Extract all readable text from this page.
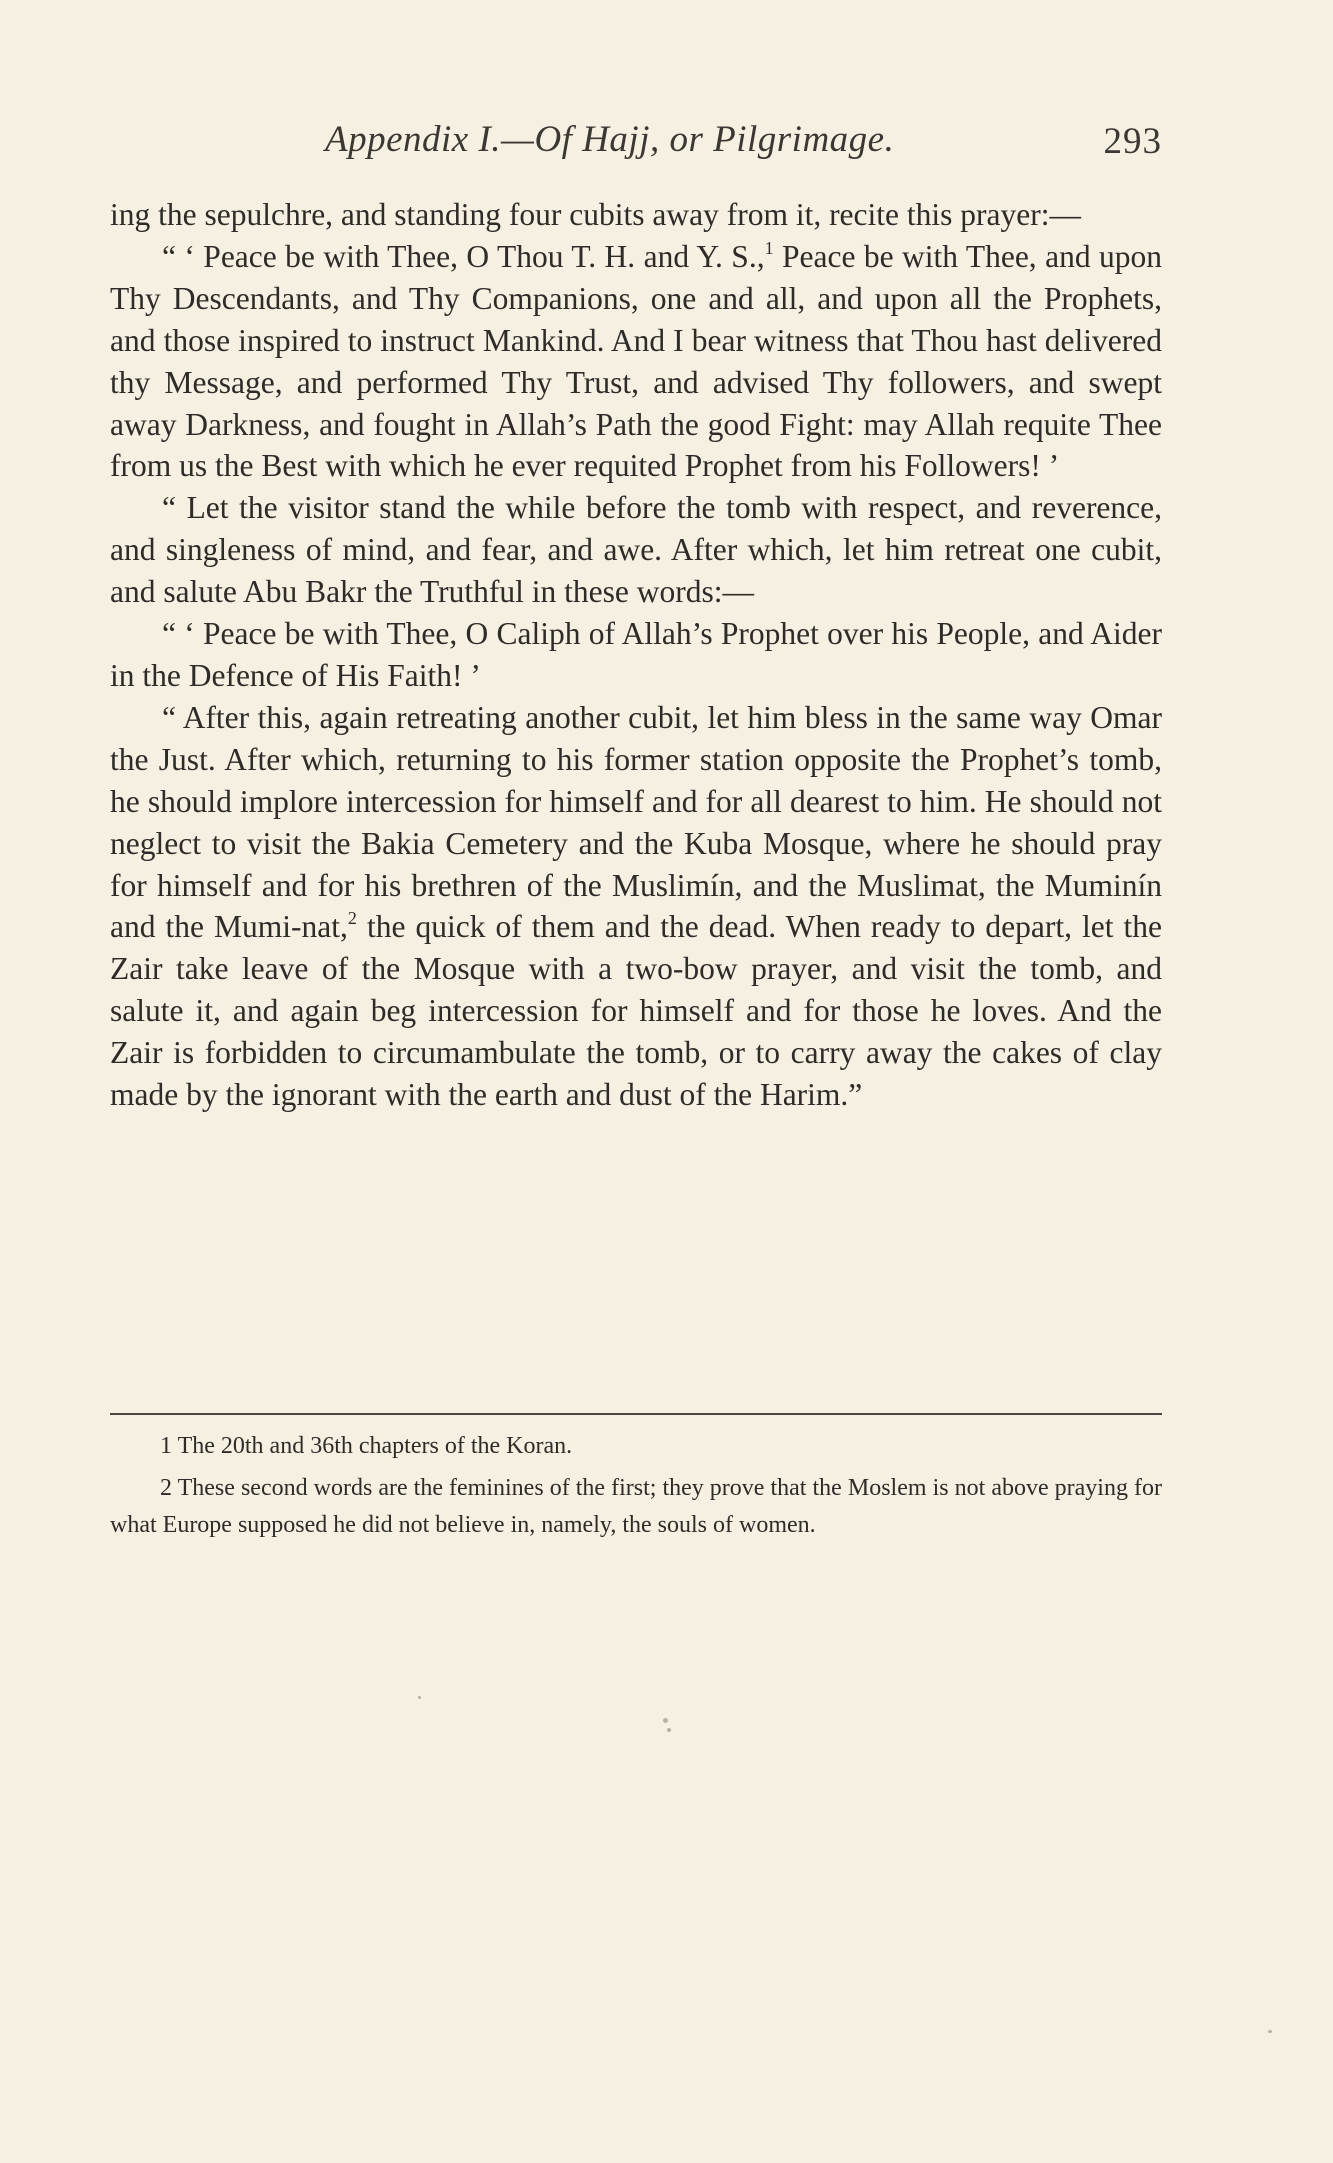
Appendix I.—Of Hajj, or Pilgrimage.	293

ing the sepulchre, and standing four cubits away from it, recite this prayer:—

“ ‘ Peace be with Thee, O Thou T. H. and Y. S.,$^1$ Peace be with Thee, and upon Thy Descendants, and Thy Companions, one and all, and upon all the Prophets, and those inspired to instruct Mankind. And I bear witness that Thou hast delivered thy Message, and performed Thy Trust, and advised Thy followers, and swept away Darkness, and fought in Allah’s Path the good Fight: may Allah requite Thee from us the Best with which he ever requited Prophet from his Followers! ’

“ Let the visitor stand the while before the tomb with respect, and reverence, and singleness of mind, and fear, and awe. After which, let him retreat one cubit, and salute Abu Bakr the Truthful in these words:—

“ ‘ Peace be with Thee, O Caliph of Allah’s Prophet over his People, and Aider in the Defence of His Faith! ’

“ After this, again retreating another cubit, let him bless in the same way Omar the Just. After which, returning to his former station opposite the Prophet’s tomb, he should implore intercession for himself and for all dearest to him. He should not neglect to visit the Bakia Cemetery and the Kuba Mosque, where he should pray for himself and for his brethren of the Muslimín, and the Muslimat, the Muminín and the Mumi-nat,$^2$ the quick of them and the dead. When ready to depart, let the Zair take leave of the Mosque with a two-bow prayer, and visit the tomb, and salute it, and again beg intercession for himself and for those he loves. And the Zair is forbidden to circumambulate the tomb, or to carry away the cakes of clay made by the ignorant with the earth and dust of the Harim.”

1 The 20th and 36th chapters of the Koran.

2 These second words are the feminines of the first; they prove that the Moslem is not above praying for what Europe supposed he did not believe in, namely, the souls of women.
